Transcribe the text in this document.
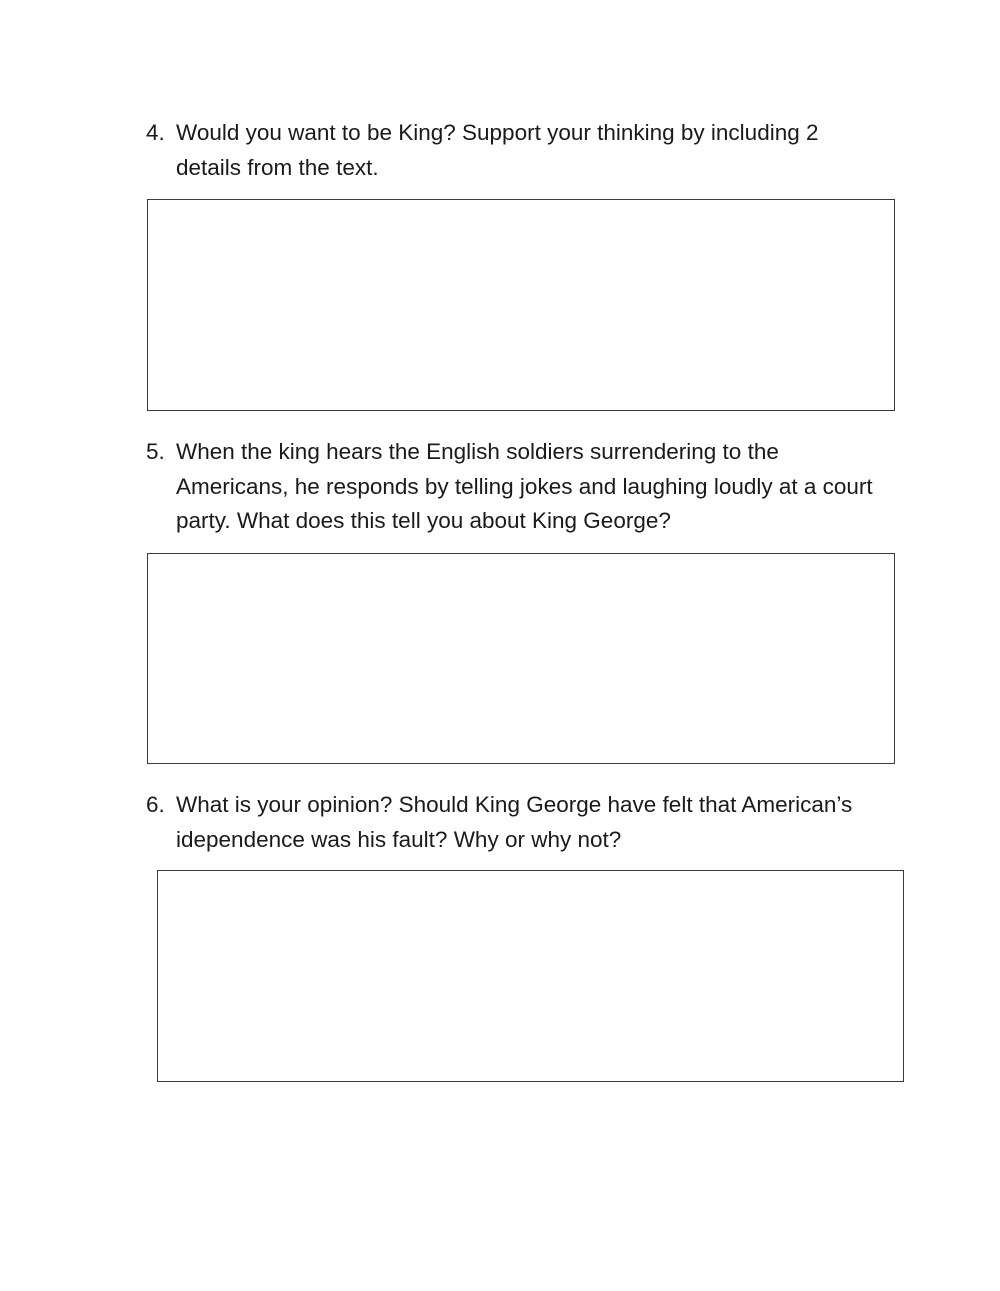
4. Would you want to be King? Support your thinking by including 2 details from the text.
5. When the king hears the English soldiers surrendering to the Americans, he responds by telling jokes and laughing loudly at a court party. What does this tell you about King George?
6. What is your opinion? Should King George have felt that American’s idependence was his fault? Why or why not?
